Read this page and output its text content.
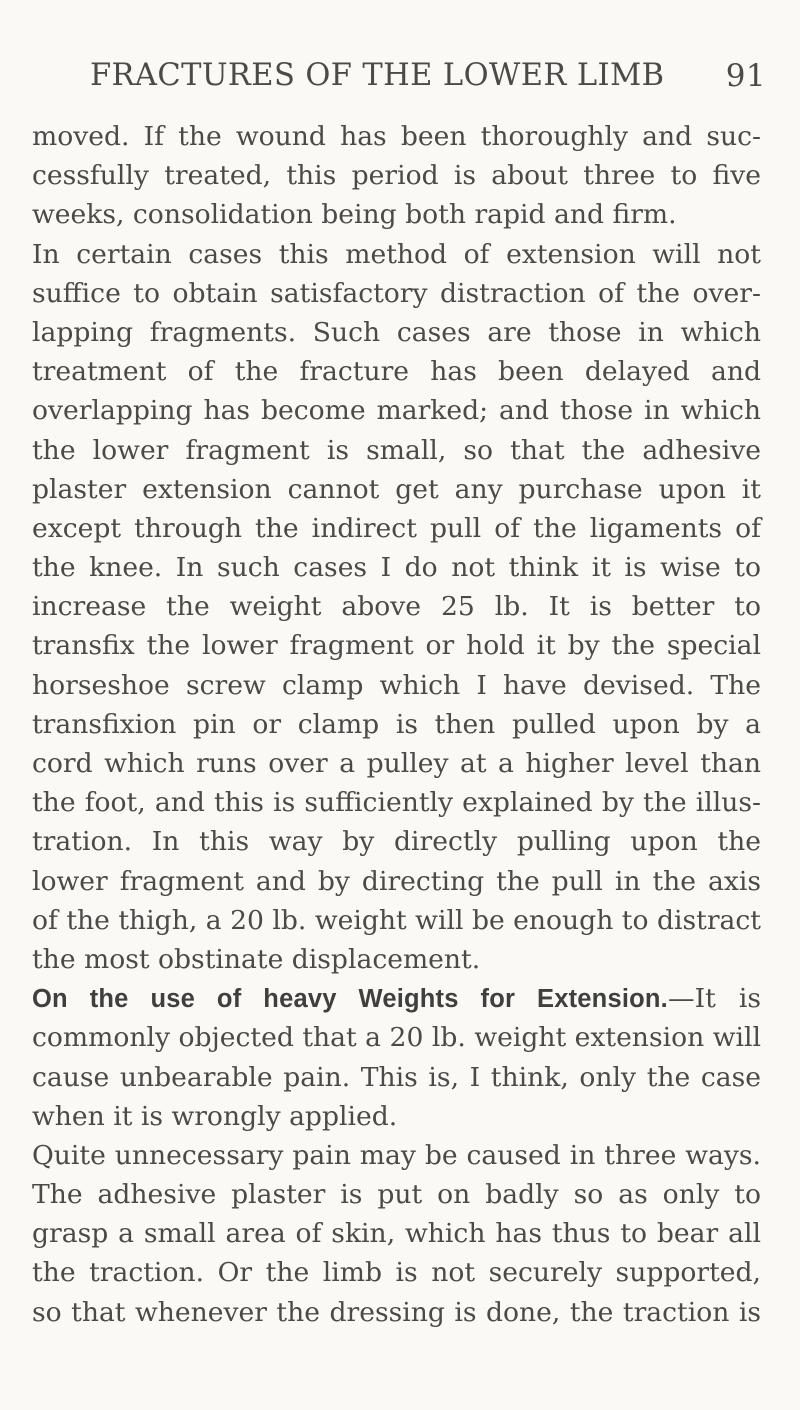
FRACTURES OF THE LOWER LIMB 91
moved. If the wound has been thoroughly and suc-
cessfully treated, this period is about three to five
weeks, consolidation being both rapid and firm.
In certain cases this method of extension will not
suffice to obtain satisfactory distraction of the over-
lapping fragments. Such cases are those in which
treatment of the fracture has been delayed and
overlapping has become marked; and those in which
the lower fragment is small, so that the adhesive
plaster extension cannot get any purchase upon it
except through the indirect pull of the ligaments of
the knee. In such cases I do not think it is wise to
increase the weight above 25 lb. It is better to
transfix the lower fragment or hold it by the special
horseshoe screw clamp which I have devised. The
transfixion pin or clamp is then pulled upon by a
cord which runs over a pulley at a higher level than
the foot, and this is sufficiently explained by the illus-
tration. In this way by directly pulling upon the
lower fragment and by directing the pull in the axis
of the thigh, a 20 lb. weight will be enough to distract
the most obstinate displacement.
On the use of heavy Weights for Extension.—It is
commonly objected that a 20 lb. weight extension will
cause unbearable pain. This is, I think, only the case
when it is wrongly applied.
Quite unnecessary pain may be caused in three ways.
The adhesive plaster is put on badly so as only to
grasp a small area of skin, which has thus to bear all
the traction. Or the limb is not securely supported,
so that whenever the dressing is done, the traction is
